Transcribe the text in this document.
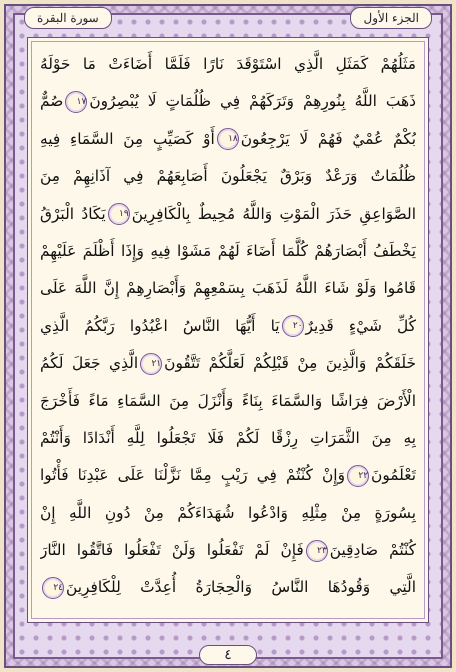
سورة البقرة	الجزء الأول
مَثَلُهُمْ كَمَثَلِ الَّذِي اسْتَوْقَدَ نَارًا فَلَمَّا أَضَاءَتْ مَا حَوْلَهُ
ذَهَبَ اللَّهُ بِنُورِهِمْ وَتَرَكَهُمْ فِي ظُلُمَاتٍ لَا يُبْصِرُونَ١٧صُمٌّ
بُكْمٌ عُمْيٌ فَهُمْ لَا يَرْجِعُونَ١٨أَوْ كَصَيِّبٍ مِنَ السَّمَاءِ فِيهِ
ظُلُمَاتٌ وَرَعْدٌ وَبَرْقٌ يَجْعَلُونَ أَصَابِعَهُمْ فِي آذَانِهِمْ مِنَ
الصَّوَاعِقِ حَذَرَ الْمَوْتِ وَاللَّهُ مُحِيطٌ بِالْكَافِرِينَ١٩يَكَادُ الْبَرْقُ
يَخْطَفُ أَبْصَارَهُمْ كُلَّمَا أَضَاءَ لَهُمْ مَشَوْا فِيهِ وَإِذَا أَظْلَمَ عَلَيْهِمْ
قَامُوا وَلَوْ شَاءَ اللَّهُ لَذَهَبَ بِسَمْعِهِمْ وَأَبْصَارِهِمْ إِنَّ اللَّهَ عَلَى
كُلِّ شَيْءٍ قَدِيرٌ٢٠يَا أَيُّهَا النَّاسُ اعْبُدُوا رَبَّكُمُ الَّذِي
خَلَقَكُمْ وَالَّذِينَ مِنْ قَبْلِكُمْ لَعَلَّكُمْ تَتَّقُونَ٢١الَّذِي جَعَلَ لَكُمُ
الْأَرْضَ فِرَاشًا وَالسَّمَاءَ بِنَاءً وَأَنْزَلَ مِنَ السَّمَاءِ مَاءً فَأَخْرَجَ
بِهِ مِنَ الثَّمَرَاتِ رِزْقًا لَكُمْ فَلَا تَجْعَلُوا لِلَّهِ أَنْدَادًا وَأَنْتُمْ
تَعْلَمُونَ٢٢وَإِنْ كُنْتُمْ فِي رَيْبٍ مِمَّا نَزَّلْنَا عَلَى عَبْدِنَا فَأْتُوا
بِسُورَةٍ مِنْ مِثْلِهِ وَادْعُوا شُهَدَاءَكُمْ مِنْ دُونِ اللَّهِ إِنْ
كُنْتُمْ صَادِقِينَ٢٣فَإِنْ لَمْ تَفْعَلُوا وَلَنْ تَفْعَلُوا فَاتَّقُوا النَّارَ
الَّتِي وَقُودُهَا النَّاسُ وَالْحِجَارَةُ أُعِدَّتْ لِلْكَافِرِينَ٢٤
٤
